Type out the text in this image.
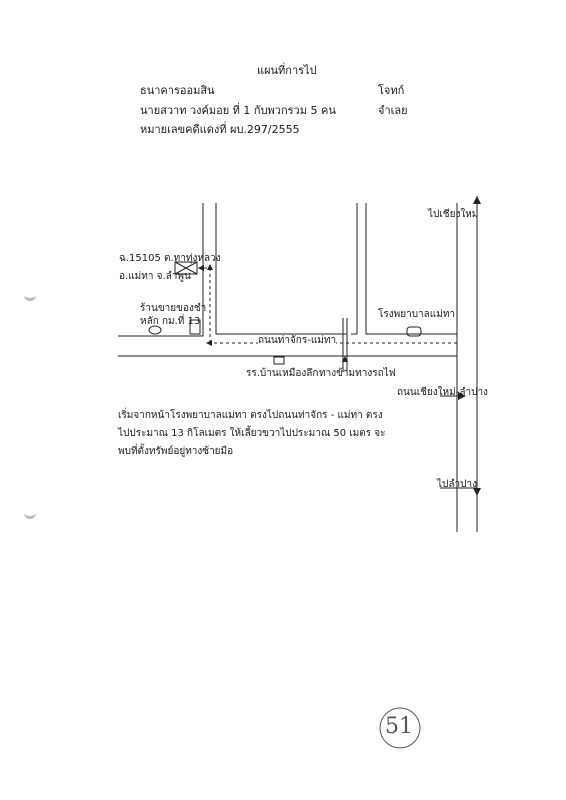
แผนที่การไป
ธนาคารออมสิน	โจทก์
นายสวาท วงค์มอย ที่ 1 กับพวกรวม 5 คน	จำเลย
หมายเลขคดีแดงที่ ผบ.297/2555
ไปเชียงใหม่
ฉ.15105 ต.ทาทุ่งหลวง
อ.แม่ทา จ.ลำพูน
ร้านขายของชำ
หลัก กม.ที่ 13
โรงพยาบาลแม่ทา
ถนนท่าจักร-แม่ทา
รร.บ้านเหมืองลึก ทางข้ามทางรถไฟ
ถนนเชียงใหม่-ลำปาง
ไปลำปาง
เริ่มจากหน้าโรงพยาบาลแม่ทา ตรงไปถนนท่าจักร - แม่ทา ตรง
ไปประมาณ 13 กิโลเมตร ให้เลี้ยวขวาไปประมาณ 50 เมตร จะ
พบที่ตั้งทรัพย์อยู่ทางซ้ายมือ
51
